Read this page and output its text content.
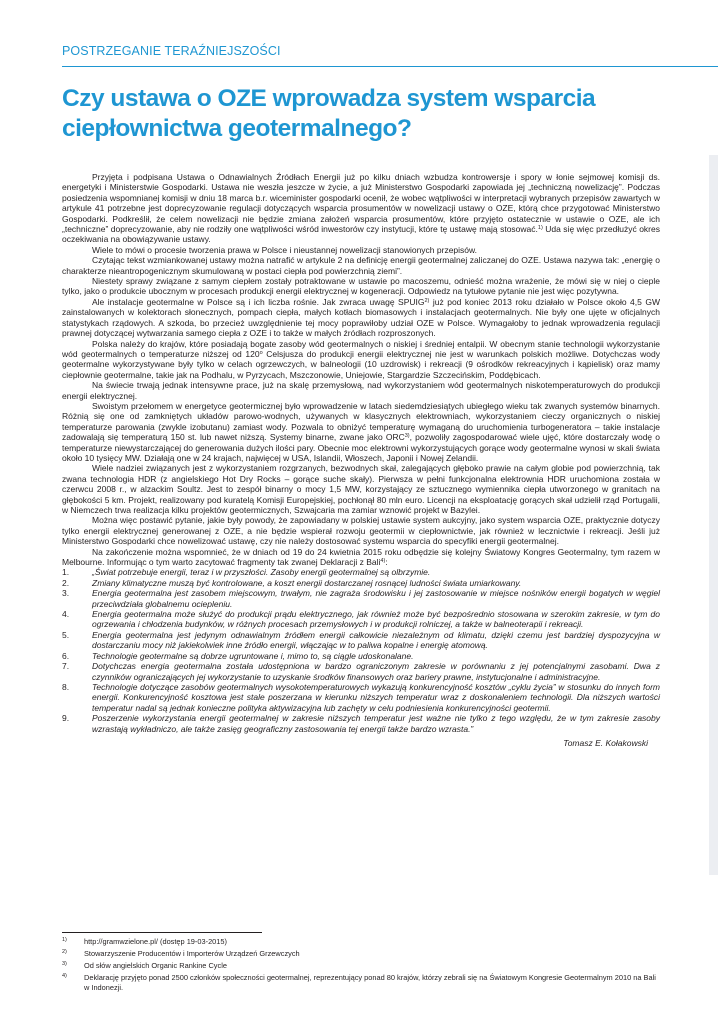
POSTRZEGANIE TERAŹNIEJSZOŚCI
Czy ustawa o OZE wprowadza system wsparcia ciepłownictwa geotermalnego?

Przyjęta i podpisana Ustawa o Odnawialnych Źródłach Energii już po kilku dniach wzbudza kontrowersje i spory w łonie sejmowej komisji ds. energetyki i Ministerstwie Gospodarki. Ustawa nie weszła jeszcze w życie, a już Ministerstwo Gospodarki zapowiada jej „techniczną nowelizację”. Podczas posiedzenia wspomnianej komisji w dniu 18 marca b.r. wiceminister gospodarki ocenił, że wobec wątpliwości w interpretacji wybranych przepisów zawartych w artykule 41 potrzebne jest doprecyzowanie regulacji dotyczących wsparcia prosumentów w nowelizacji ustawy o OZE, którą chce przygotować Ministerstwo Gospodarki. Podkreślił, że celem nowelizacji nie będzie zmiana założeń wsparcia prosumentów, które przyjęto ostatecznie w ustawie o OZE, ale ich „techniczne” doprecyzowanie, aby nie rodziły one wątpliwości wśród inwestorów czy instytucji, które tę ustawę mają stosować.$^{1)}$ Uda się więc przedłużyć okres oczekiwania na obowiązywanie ustawy.

Wiele to mówi o procesie tworzenia prawa w Polsce i nieustannej nowelizacji stanowionych przepisów.

Czytając tekst wzmiankowanej ustawy można natrafić w artykule 2 na definicję energii geotermalnej zaliczanej do OZE. Ustawa nazywa tak: „energię o charakterze nieantropogenicznym skumulowaną w postaci ciepła pod powierzchnią ziemi”.

Niestety sprawy związane z samym ciepłem zostały potraktowane w ustawie po macoszemu, odnieść można wrażenie, że mówi się w niej o cieple tylko, jako o produkcie ubocznym w procesach produkcji energii elektrycznej w kogeneracji. Odpowiedz na tytułowe pytanie nie jest więc pozytywna.

Ale instalacje geotermalne w Polsce są i ich liczba rośnie. Jak zwraca uwagę SPUIG$^{2)}$ już pod koniec 2013 roku działało w Polsce około 4,5 GW zainstalowanych w kolektorach słonecznych, pompach ciepła, małych kotłach biomasowych i instalacjach geotermalnych. Nie były one ujęte w oficjalnych statystykach rządowych. A szkoda, bo przecież uwzględnienie tej mocy poprawiłoby udział OZE w Polsce. Wymagałoby to jednak wprowadzenia regulacji prawnej dotyczącej wytwarzania samego ciepła z OZE i to także w małych źródłach rozproszonych.

Polska należy do krajów, które posiadają bogate zasoby wód geotermalnych o niskiej i średniej entalpii. W obecnym stanie technologii wykorzystanie wód geotermalnych o temperaturze niższej od 120$^o$ Celsjusza do produkcji energii elektrycznej nie jest w warunkach polskich możliwe. Dotychczas wody geotermalne wykorzystywane były tylko w celach ogrzewczych, w balneologii (10 uzdrowisk) i rekreacji (9 ośrodków rekreacyjnych i kąpielisk) oraz mamy ciepłownie geotermalne, takie jak na Podhalu, w Pyrzycach, Mszczonowie, Uniejowie, Stargardzie Szczecińskim, Poddębicach.

Na świecie trwają jednak intensywne prace, już na skalę przemysłową, nad wykorzystaniem wód geotermalnych niskotemperaturowych do produkcji energii elektrycznej.

Swoistym przełomem w energetyce geotermicznej było wprowadzenie w latach siedemdziesiątych ubiegłego wieku tak zwanych systemów binarnych. Różnią się one od zamkniętych układów parowo-wodnych, używanych w klasycznych elektrowniach, wykorzystaniem cieczy organicznych o niskiej temperaturze parowania (zwykle izobutanu) zamiast wody. Pozwala to obniżyć temperaturę wymaganą do uruchomienia turbogeneratora – takie instalacje zadowalają się temperaturą 150 st. lub nawet niższą. Systemy binarne, zwane jako ORC$^{3)}$, pozwoliły zagospodarować wiele ujęć, które dostarczały wodę o temperaturze niewystarczającej do generowania dużych ilości pary. Obecnie moc elektrowni wykorzystujących gorące wody geotermalne wynosi w skali świata około 10 tysięcy MW. Działają one w 24 krajach, najwięcej w USA, Islandii, Włoszech, Japonii i Nowej Zelandii.

Wiele nadziei związanych jest z wykorzystaniem rozgrzanych, bezwodnych skał, zalegających głęboko prawie na całym globie pod powierzchnią, tak zwana technologia HDR (z angielskiego Hot Dry Rocks – gorące suche skały). Pierwsza w pełni funkcjonalna elektrownia HDR uruchomiona została w czerwcu 2008 r., w alzackim Soultz. Jest to zespół binarny o mocy 1,5 MW, korzystający ze sztucznego wymiennika ciepła utworzonego w granitach na głębokości 5 km. Projekt, realizowany pod kuratelą Komisji Europejskiej, pochłonął 80 mln euro. Licencji na eksploatację gorących skał udzielił rząd Portugalii, w Niemczech trwa realizacja kilku projektów geotermicznych, Szwajcaria ma zamiar wznowić projekt w Bazylei.

Można więc postawić pytanie, jakie były powody, że zapowiadany w polskiej ustawie system aukcyjny, jako system wsparcia OZE, praktycznie dotyczy tylko energii elektrycznej generowanej z OZE, a nie będzie wspierał rozwoju geotermii w ciepłownictwie, jak również w lecznictwie i rekreacji. Jeśli już Ministerstwo Gospodarki chce nowelizować ustawę, czy nie należy dostosować systemu wsparcia do specyfiki energii geotermalnej.

Na zakończenie można wspomnieć, że w dniach od 19 do 24 kwietnia 2015 roku odbędzie się kolejny Światowy Kongres Geotermalny, tym razem w Melbourne. Informując o tym warto zacytować fragmenty tak zwanej Deklaracji z Bali$^{4)}$:

1.	„Świat potrzebuje energii, teraz i w przyszłości. Zasoby energii geotermalnej są olbrzymie.
2.	Zmiany klimatyczne muszą być kontrolowane, a koszt energii dostarczanej rosnącej ludności świata umiarkowany.
3.	Energia geotermalna jest zasobem miejscowym, trwałym, nie zagraża środowisku i jej zastosowanie w miejsce nośników energii bogatych w węgiel przeciwdziała globalnemu ociepleniu.
4.	Energia geotermalna może służyć do produkcji prądu elektrycznego, jak również może być bezpośrednio stosowana w szerokim zakresie, w tym do ogrzewania i chłodzenia budynków, w różnych procesach przemysłowych i w produkcji rolniczej, a także w balneoterapii i rekreacji.
5.	Energia geotermalna jest jedynym odnawialnym źródłem energii całkowicie niezależnym od klimatu, dzięki czemu jest bardziej dyspozycyjna w dostarczaniu mocy niż jakiekolwiek inne źródło energii, włączając w to paliwa kopalne i energię atomową.
6.	Technologie geotermalne są dobrze ugruntowane i, mimo to, są ciągle udoskonalane.
7.	Dotychczas energia geotermalna została udostępniona w bardzo ograniczonym zakresie w porównaniu z jej potencjalnymi zasobami. Dwa z czynników ograniczających jej wykorzystanie to uzyskanie środków finansowych oraz bariery prawne, instytucjonalne i administracyjne.
8.	Technologie dotyczące zasobów geotermalnych wysokotemperaturowych wykazują konkurencyjność kosztów „cyklu życia” w stosunku do innych form energii. Konkurencyjność kosztowa jest stale poszerzana w kierunku niższych temperatur wraz z doskonaleniem technologii. Dla niższych wartości temperatur nadal są jednak konieczne polityka aktywizacyjna lub zachęty w celu podniesienia konkurencyjności geotermii.
9.	Poszerzenie wykorzystania energii geotermalnej w zakresie niższych temperatur jest ważne nie tylko z tego względu, że w tym zakresie zasoby wzrastają wykładniczo, ale także zasięg geograficzny zastosowania tej energii także bardzo wzrasta.”
Tomasz E. Kołakowski
1) http://gramwzielone.pl/ (dostęp 19-03-2015)
2) Stowarzyszenie Producentów i Importerów Urządzeń Grzewczych
3) Od słów angielskich Organic Rankine Cycle
4) Deklarację przyjęto ponad 2500 członków społeczności geotermalnej, reprezentujący ponad 80 krajów, którzy zebrali się na Światowym Kongresie Geotermalnym 2010 na Bali w Indonezji.
